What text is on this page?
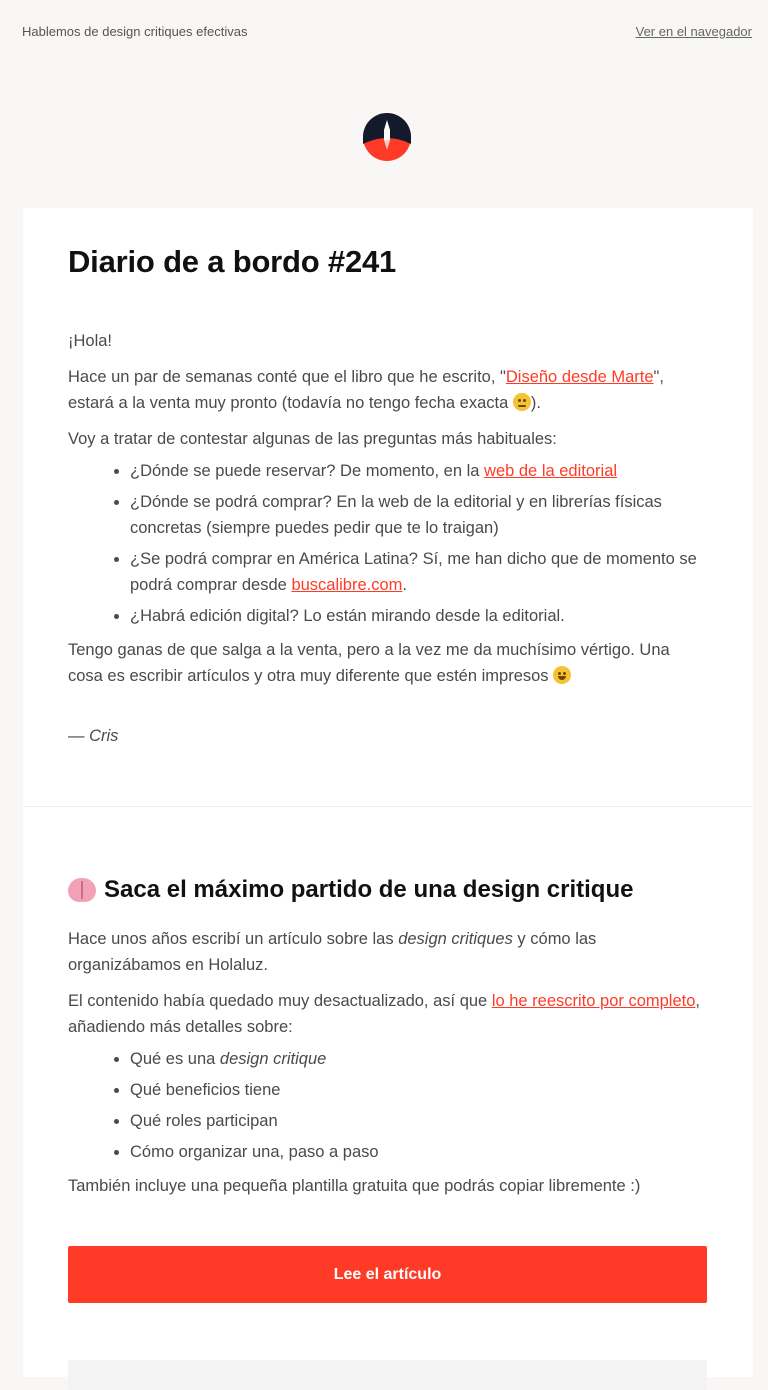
Hablemos de design critiques efectivas	Ver en el navegador
Diario de a bordo #241

¡Hola!

Hace un par de semanas conté que el libro que he escrito, "Diseño desde Marte", estará a la venta muy pronto (todavía no tengo fecha exacta
).

Voy a tratar de contestar algunas de las preguntas más habituales:

• ¿Dónde se puede reservar? De momento, en la web de la editorial
• ¿Dónde se podrá comprar? En la web de la editorial y en librerías físicas concretas (siempre puedes pedir que te lo traigan)
• ¿Se podrá comprar en América Latina? Sí, me han dicho que de momento se podrá comprar desde buscalibre.com.
• ¿Habrá edición digital? Lo están mirando desde la editorial.

Tengo ganas de que salga a la venta, pero a la vez me da muchísimo vértigo. Una cosa es escribir artículos y otra muy diferente que estén impresos

— Cris

Saca el máximo partido de una design critique

Hace unos años escribí un artículo sobre las design critiques y cómo las organizábamos en Holaluz.

El contenido había quedado muy desactualizado, así que lo he reescrito por completo, añadiendo más detalles sobre:

• Qué es una design critique
• Qué beneficios tiene
• Qué roles participan
• Cómo organizar una, paso a paso

También incluye una pequeña plantilla gratuita que podrás copiar libremente :)

Lee el artículo
